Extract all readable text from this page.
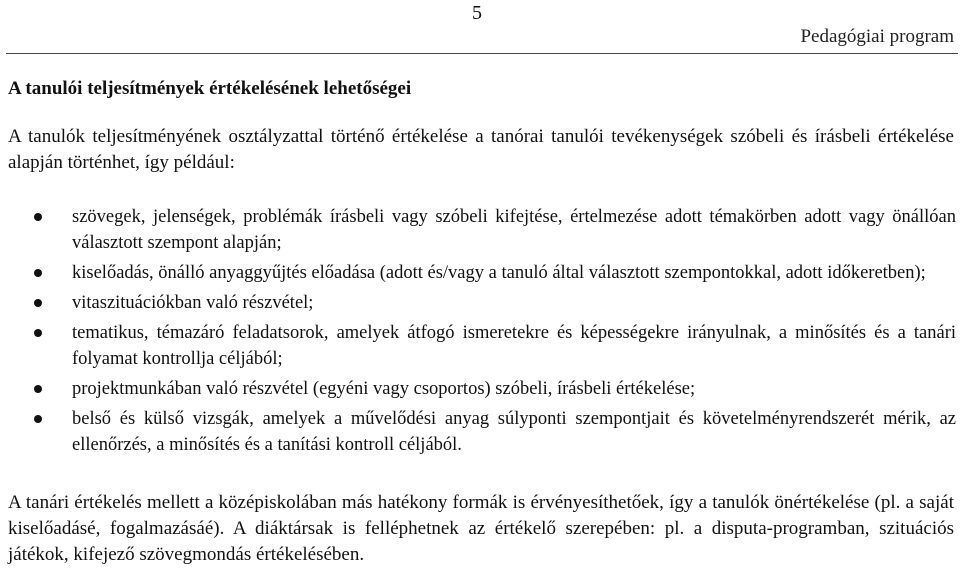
5
Pedagógiai program
A tanulói teljesítmények értékelésének lehetőségei

A tanulók teljesítményének osztályzattal történő értékelése a tanórai tanulói tevékenységek szóbeli és írásbeli értékelése alapján történhet, így például:

szövegek, jelenségek, problémák írásbeli vagy szóbeli kifejtése, értelmezése adott témakörben adott vagy önállóan választott szempont alapján;
kiselőadás, önálló anyaggyűjtés előadása (adott és/vagy a tanuló által választott szempontokkal, adott időkeretben);
vitaszituációkban való részvétel;
tematikus, témazáró feladatsorok, amelyek átfogó ismeretekre és képességekre irányulnak, a minősítés és a tanári folyamat kontrollja céljából;
projektmunkában való részvétel (egyéni vagy csoportos) szóbeli, írásbeli értékelése;
belső és külső vizsgák, amelyek a művelődési anyag súlyponti szempontjait és követelményrendszerét mérik, az ellenőrzés, a minősítés és a tanítási kontroll céljából.

A tanári értékelés mellett a középiskolában más hatékony formák is érvényesíthetőek, így a tanulók önértékelése (pl. a saját kiselőadásé, fogalmazásáé). A diáktársak is felléphetnek az értékelő szerepében: pl. a disputa-programban, szituációs játékok, kifejező szövegmondás értékelésében.
